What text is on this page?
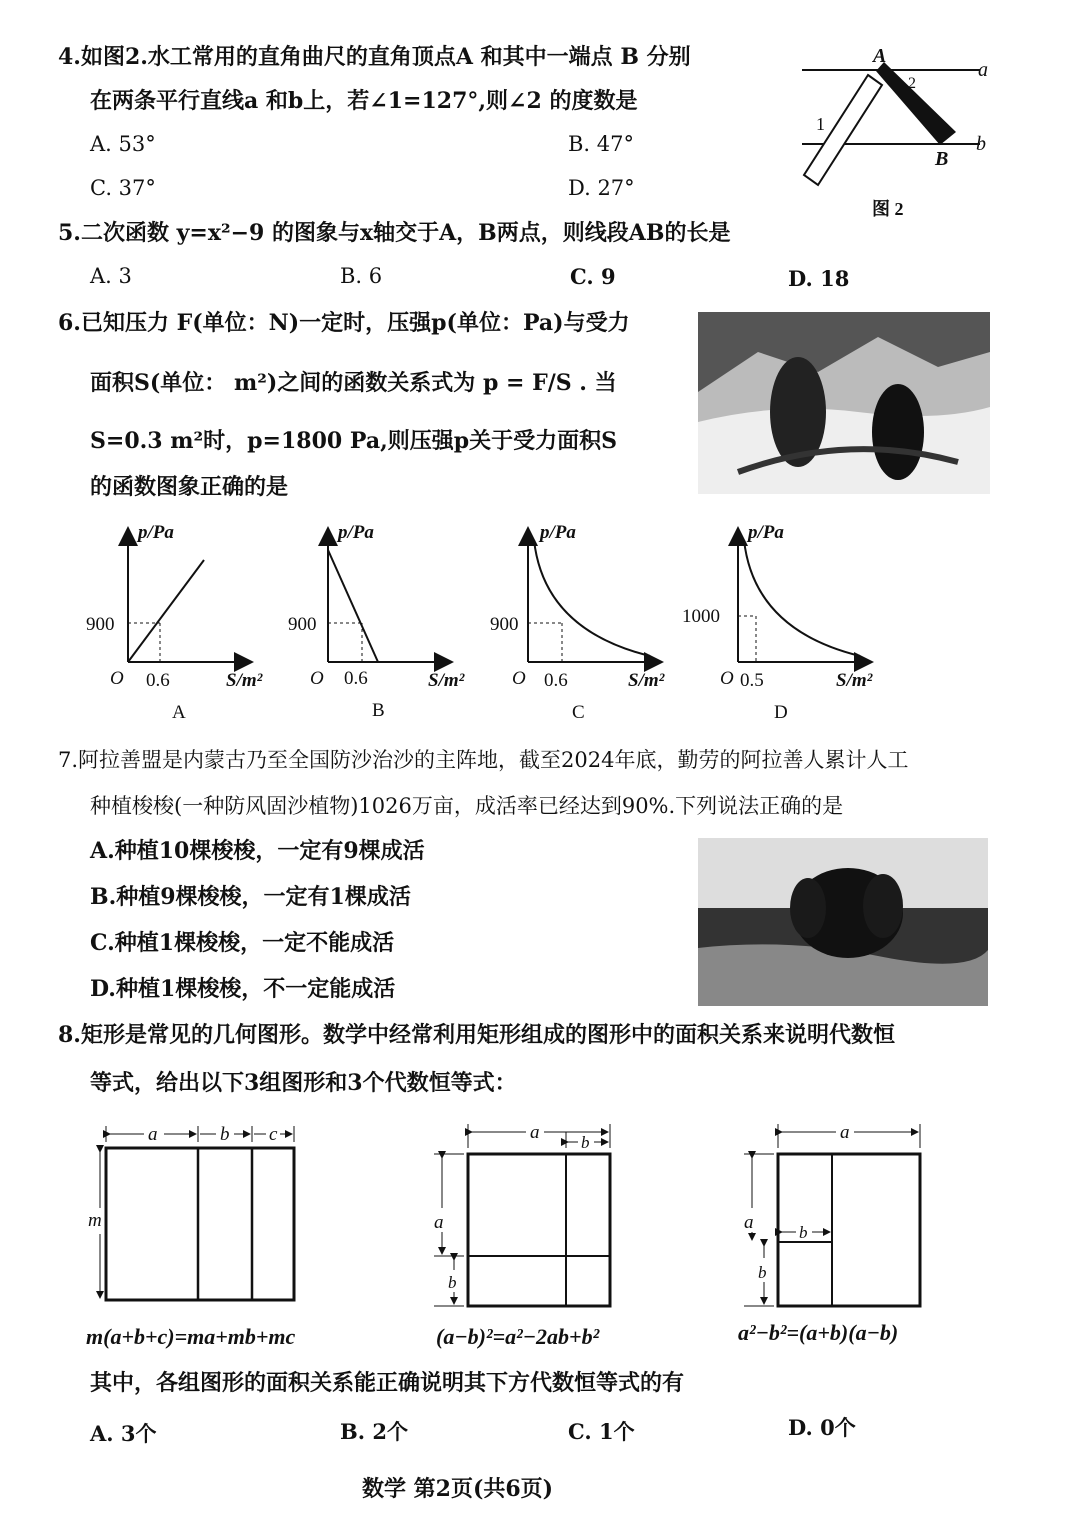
4.如图2.水工常用的直角曲尺的直角顶点A 和其中一端点 B 分别
在两条平行直线a 和b上，若∠1=127°,则∠2 的度数是
A. 53°	B. 47°
C. 37°	D. 27°
A
B
a
b
1
2
图 2
5.二次函数 y=x²−9 的图象与x轴交于A，B两点，则线段AB的长是
A. 3	B. 6	C. 9	D. 18
6.已知压力 F(单位：N)一定时，压强p(单位：Pa)与受力
面积S(单位： m²)之间的函数关系式为 p = F/S . 当
S=0.3 m²时，p=1800 Pa,则压强p关于受力面积S
的函数图象正确的是
p/Pa
900
O 0.6	S/m²
A
p/Pa
900
O 0.6	S/m²
B
p/Pa
900
O 0.6	S/m²
C
p/Pa
1000
O 0.5	S/m²
D
7.阿拉善盟是内蒙古乃至全国防沙治沙的主阵地，截至2024年底，勤劳的阿拉善人累计人工
种植梭梭(一种防风固沙植物)1026万亩，成活率已经达到90%.下列说法正确的是
A.种植10棵梭梭，一定有9棵成活
B.种植9棵梭梭，一定有1棵成活
C.种植1棵梭梭，一定不能成活
D.种植1棵梭梭，不一定能成活
8.矩形是常见的几何图形。数学中经常利用矩形组成的图形中的面积关系来说明代数恒
等式，给出以下3组图形和3个代数恒等式：
a	b c
m
m(a+b+c)=ma+mb+mc
a b
a
b
(a−b)²=a²−2ab+b²
a
b
a
b
a²−b²=(a+b)(a−b)
其中，各组图形的面积关系能正确说明其下方代数恒等式的有
A. 3个	B. 2个	C. 1个	D. 0个
数学 第2页(共6页)
